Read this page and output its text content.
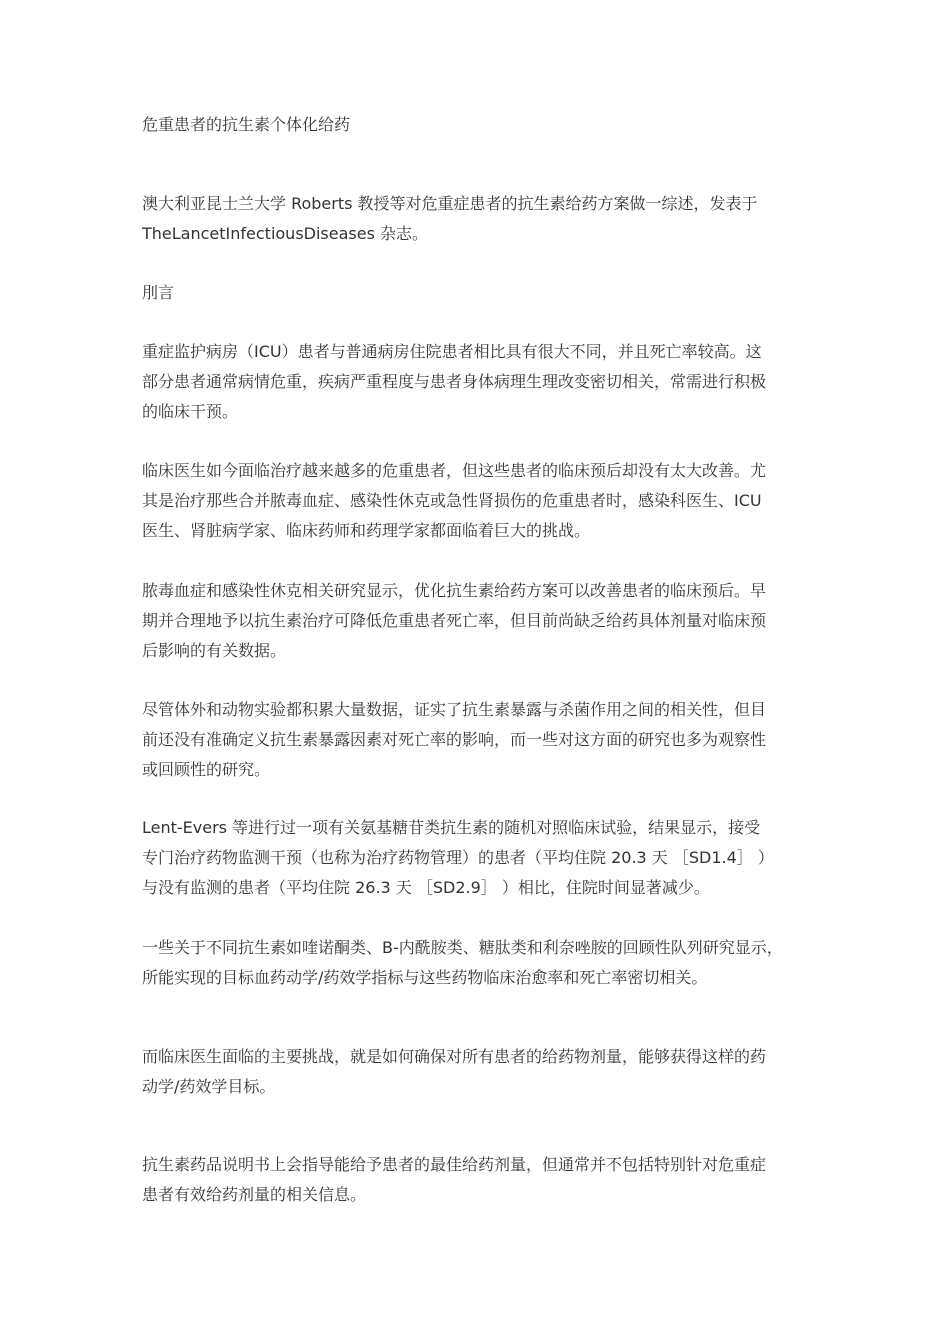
危重患者的抗生素个体化给药

澳大利亚昆士兰大学 Roberts 教授等对危重症患者的抗生素给药方案做一综述，发表于
TheLancetInfectiousDiseases 杂志。

刖言

重症监护病房（ICU）患者与普通病房住院患者相比具有很大不同，并且死亡率较高。这
部分患者通常病情危重，疾病严重程度与患者身体病理生理改变密切相关，常需进行积极
的临床干预。

临床医生如今面临治疗越来越多的危重患者，但这些患者的临床预后却没有太大改善。尤
其是治疗那些合并脓毒血症、感染性休克或急性肾损伤的危重患者时，感染科医生、ICU
医生、肾脏病学家、临床药师和药理学家都面临着巨大的挑战。

脓毒血症和感染性休克相关研究显示，优化抗生素给药方案可以改善患者的临床预后。早
期并合理地予以抗生素治疗可降低危重患者死亡率，但目前尚缺乏给药具体剂量对临床预
后影响的有关数据。

尽管体外和动物实验都积累大量数据，证实了抗生素暴露与杀菌作用之间的相关性，但目
前还没有准确定义抗生素暴露因素对死亡率的影响，而一些对这方面的研究也多为观察性
或回顾性的研究。

Lent-Evers 等进行过一项有关氨基糖苷类抗生素的随机对照临床试验，结果显示，接受
专门治疗药物监测干预（也称为治疗药物管理）的患者（平均住院 20.3 天 ［SD1.4］ ）
与没有监测的患者（平均住院 26.3 天 ［SD2.9］ ）相比，住院时间显著减少。

一些关于不同抗生素如喹诺酮类、B-内酰胺类、糖肽类和利奈唑胺的回顾性队列研究显示，
所能实现的目标血药动学/药效学指标与这些药物临床治愈率和死亡率密切相关。

而临床医生面临的主要挑战，就是如何确保对所有患者的给药物剂量，能够获得这样的药
动学/药效学目标。

抗生素药品说明书上会指导能给予患者的最佳给药剂量，但通常并不包括特别针对危重症
患者有效给药剂量的相关信息。
